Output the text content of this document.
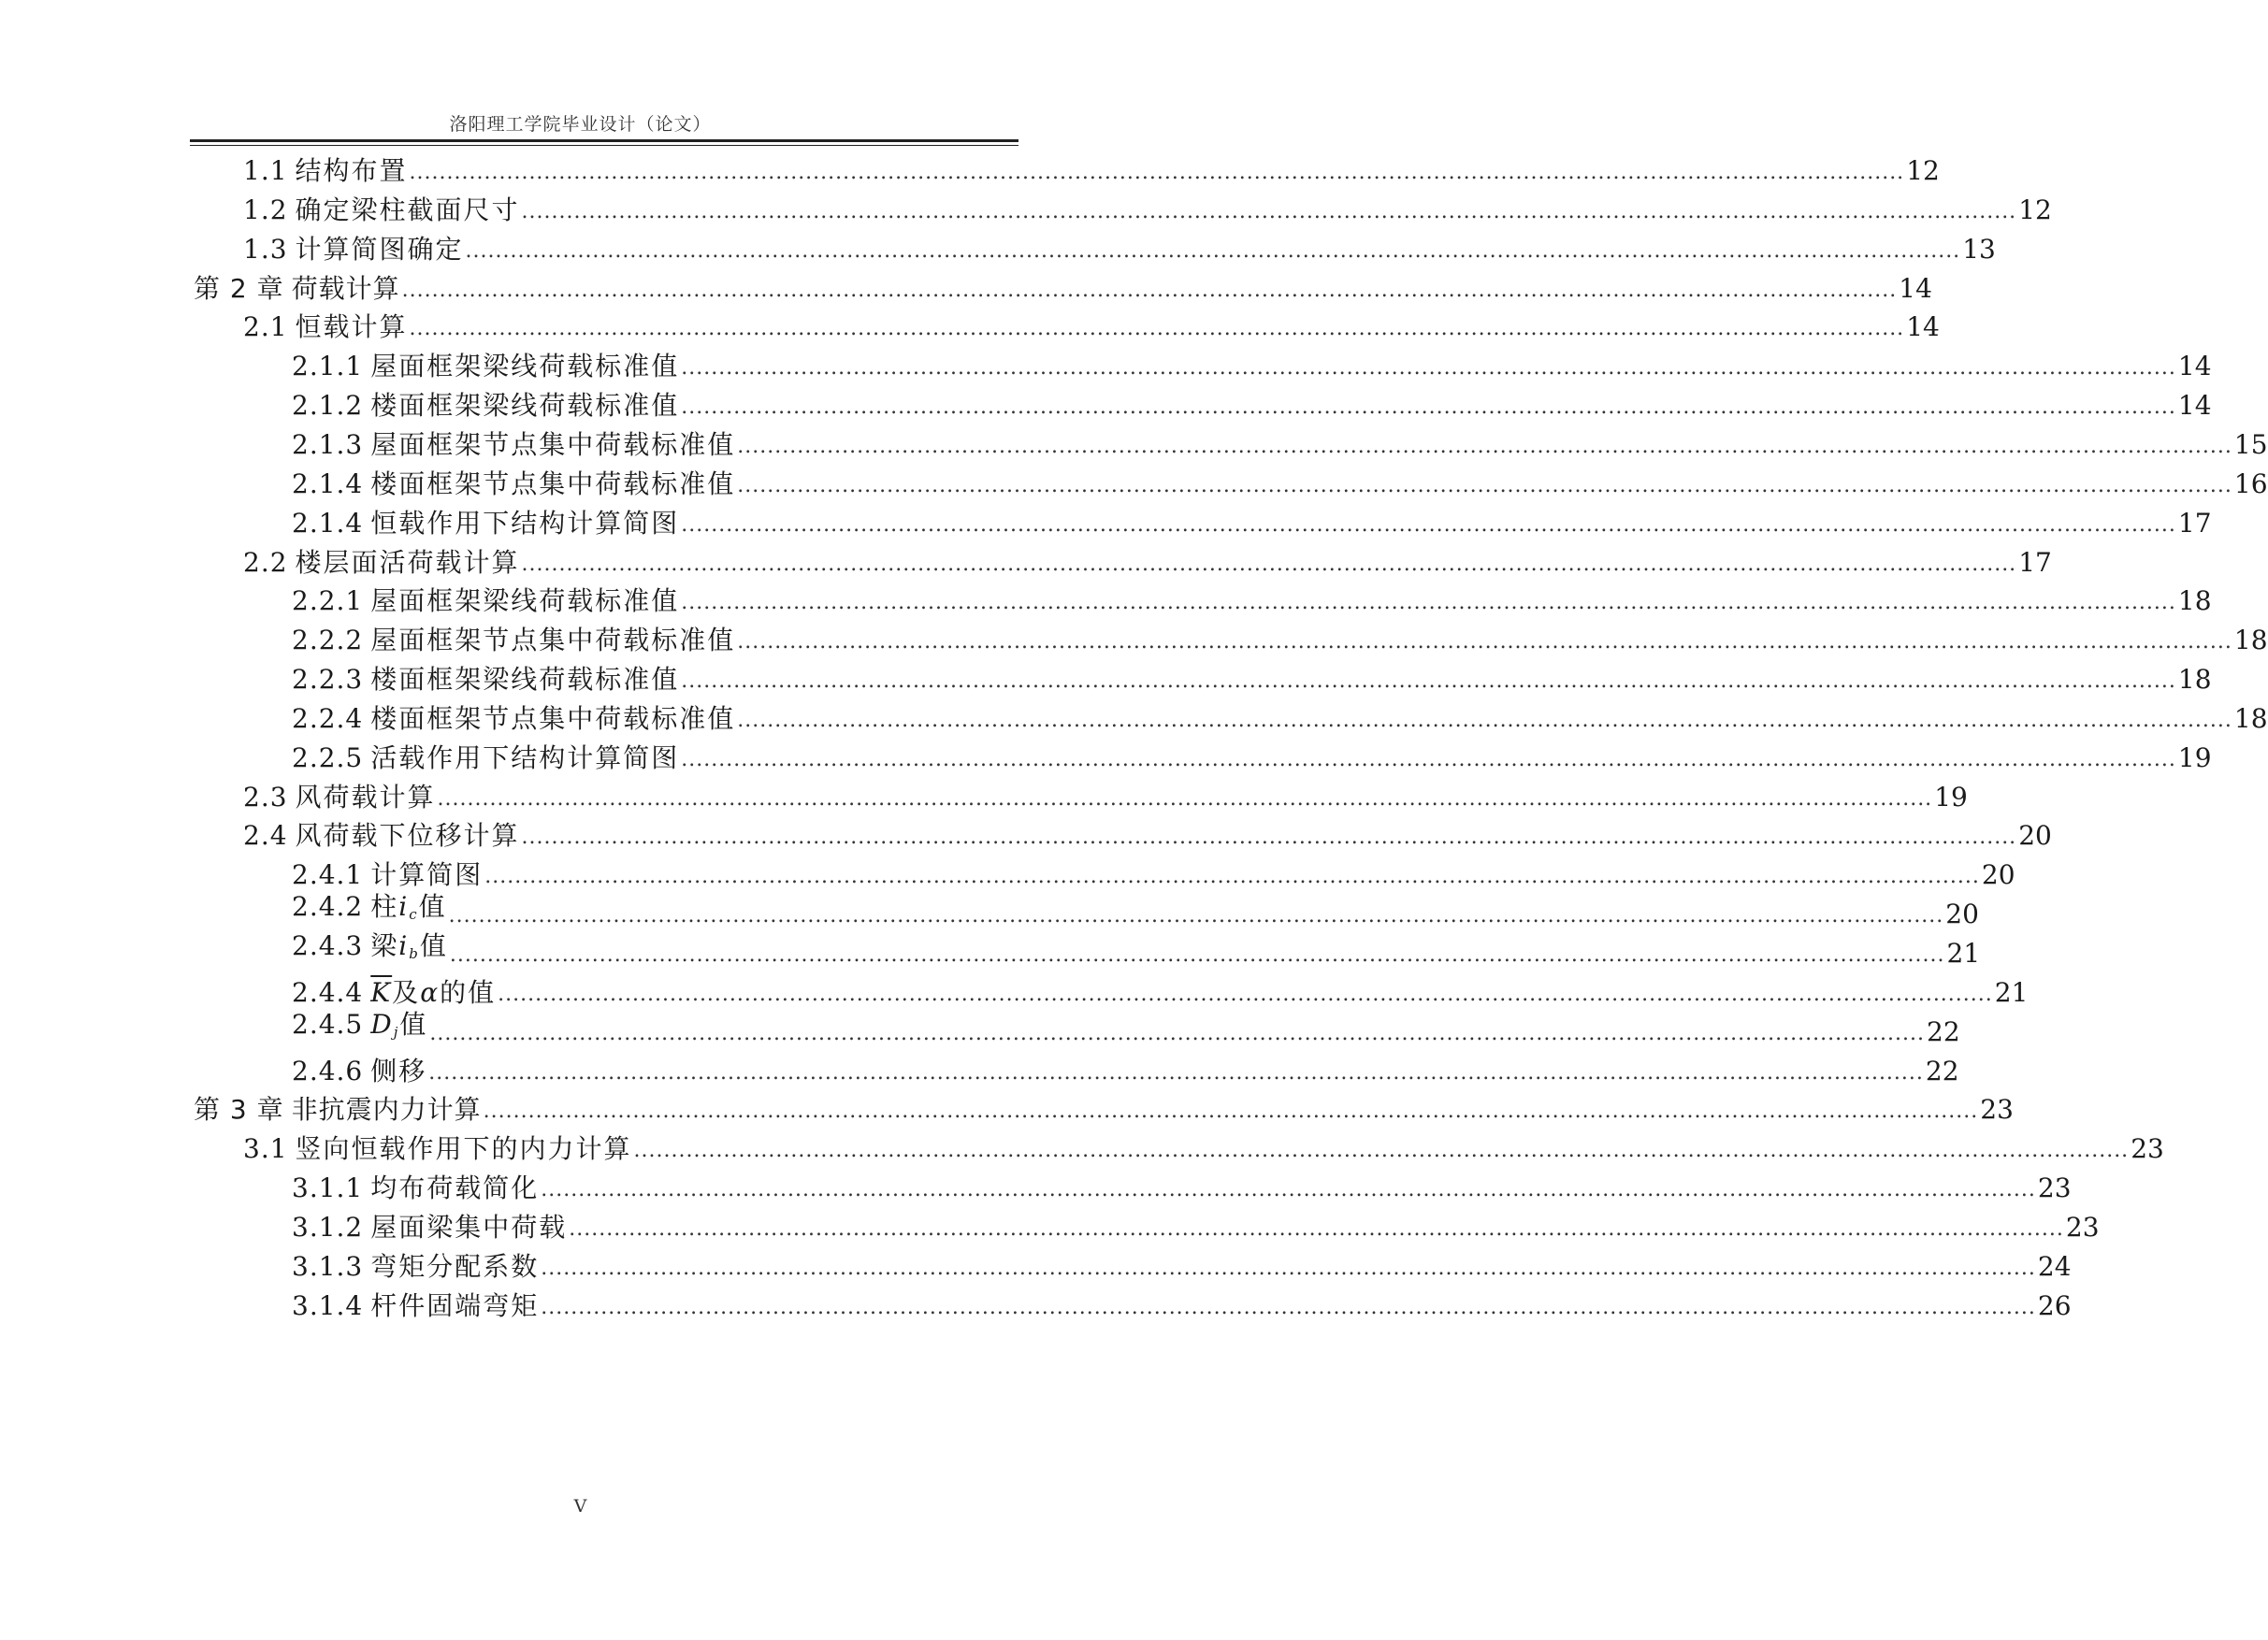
洛阳理工学院毕业设计（论文）
1.1 结构布置 ........................................................................................................................................................................................................ 12
1.2 确定梁柱截面尺寸 ........................................................................................................................................................................................................ 12
1.3 计算简图确定 ........................................................................................................................................................................................................ 13
第 2 章 荷载计算 ........................................................................................................................................................................................................ 14
2.1 恒载计算 ........................................................................................................................................................................................................ 14
2.1.1 屋面框架梁线荷载标准值 ........................................................................................................................................................................................................ 14
2.1.2 楼面框架梁线荷载标准值 ........................................................................................................................................................................................................ 14
2.1.3 屋面框架节点集中荷载标准值 ........................................................................................................................................................................................................ 15
2.1.4 楼面框架节点集中荷载标准值 ........................................................................................................................................................................................................ 16
2.1.4 恒载作用下结构计算简图 ........................................................................................................................................................................................................ 17
2.2 楼层面活荷载计算 ........................................................................................................................................................................................................ 17
2.2.1 屋面框架梁线荷载标准值 ........................................................................................................................................................................................................ 18
2.2.2 屋面框架节点集中荷载标准值 ........................................................................................................................................................................................................ 18
2.2.3 楼面框架梁线荷载标准值 ........................................................................................................................................................................................................ 18
2.2.4 楼面框架节点集中荷载标准值 ........................................................................................................................................................................................................ 18
2.2.5 活载作用下结构计算简图 ........................................................................................................................................................................................................ 19
2.3 风荷载计算 ........................................................................................................................................................................................................ 19
2.4 风荷载下位移计算 ........................................................................................................................................................................................................ 20
2.4.1 计算简图 ........................................................................................................................................................................................................ 20
2.4.2 柱$i_c$值 ........................................................................................................................................................................................................ 20
2.4.3 梁$i_b$值 ........................................................................................................................................................................................................ 21
2.4.4 $\overline{K}$及α的值 ........................................................................................................................................................................................................ 21
2.4.5 $D_j$值 ........................................................................................................................................................................................................ 22
2.4.6 侧移 ........................................................................................................................................................................................................ 22
第 3 章 非抗震内力计算 ........................................................................................................................................................................................................ 23
3.1 竖向恒载作用下的内力计算 ........................................................................................................................................................................................................ 23
3.1.1 均布荷载简化 ........................................................................................................................................................................................................ 23
3.1.2 屋面梁集中荷载 ........................................................................................................................................................................................................ 23
3.1.3 弯矩分配系数 ........................................................................................................................................................................................................ 24
3.1.4 杆件固端弯矩 ........................................................................................................................................................................................................ 26
V
